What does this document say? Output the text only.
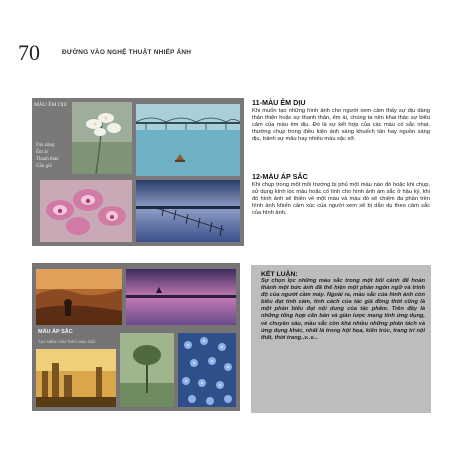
70	ĐƯỜNG VÀO NGHỆ THUẬT NHIẾP ẢNH
MÀU ÊM DỊU
Dịu dàng
Êm ái
Thanh thản
Gần gũi
11-MÀU ÊM DỊU

Khi muốn tạo những hình ảnh cho người xem cảm thấy sự dịu dàng thân thiện hoặc sự thanh thản, êm ái, chúng ta nên khai thác sự biểu cảm của màu êm dịu. Đó là sự kết hợp của các màu có sắc nhạt, thường chụp trong điều kiện ánh sáng khuếch tán hay nguồn sáng dịu, tránh sự mâu hay nhiều màu sặc sỡ.

12-MÀU ÁP SẮC

Khi chụp trong một môi trường bị phủ một màu nào đó hoặc khi chụp, sử dụng kính lọc màu hoặc cố tình cho hình ảnh ám sắc ở hậu kỳ, khi đó hình ảnh sẽ thiên về một màu và màu đó sẽ chiếm đa phần trên hình ảnh khiến cảm xúc của người xem sẽ bị dẫn dụ theo cảm sắc của hình ảnh.

MÀU ÁP SẮC
TẠO NIỀM CẢM THEO MÀU SẮC
KẾT LUẬN:
Sự chọn lọc những màu sắc trong một bối cảnh để hoàn thành một bức ảnh đã thể hiện một phần ngôn ngữ và trình độ của người cầm máy. Ngoài ra, mầu sắc của hình ảnh còn biểu đạt tính cảm, tính cách của tác giả đồng thời cũng là một phần biểu đạt nội dung của tác phẩm. Trên đây là những tổng hợp căn bản và giản lược mang tính ứng dụng, về chuyên sâu, mầu sắc còn khá nhiều những phân tách và ứng dụng khác, nhất là trong hội họa, kiến trúc, trang trí nội thất, thời trang..v..v...
